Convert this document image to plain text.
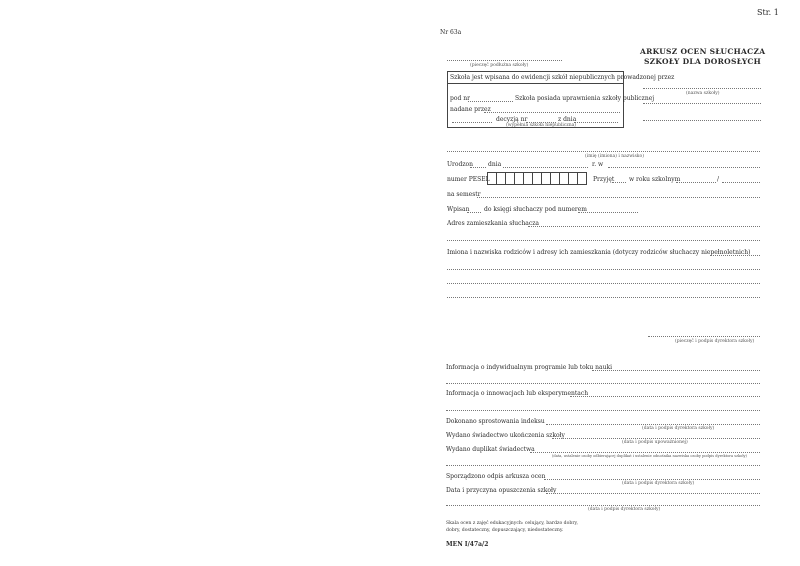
Str. 1
Nr 63a
ARKUSZ OCEN SŁUCHACZA
SZKOŁY DLA DOROSŁYCH
(pieczęć podłużna szkoły)
Szkoła jest wpisana do ewidencji szkół niepublicznych prowadzonej przez
pod nr	Szkoła posiada uprawnienia szkoły publicznej
nadane przez
decyzją nr	z dnia
(wypełnia szkoła niepubliczna)
(nazwa szkoły)
(imię (imiona) i nazwisko)
Urodzon dnia	r. w
numer PESEL	Przyjęt w roku szkolnym	/
na semestr
Wpisan do księgi słuchaczy pod numerem
Adres zamieszkania słuchacza
Imiona i nazwiska rodziców i adresy ich zamieszkania (dotyczy rodziców słuchaczy niepełnoletnich)
(pieczęć i podpis dyrektora szkoły)
Informacja o indywidualnym programie lub toku nauki
Informacja o innowacjach lub eksperymentach
Dokonano sprostowania indeksu
(data i podpis dyrektora szkoły)
Wydano świadectwo ukończenia szkoły
(data i podpis upoważnionej)
Wydano duplikat świadectwa
(data, ustalenie osoby odbierającej duplikat i ustalenie odnośnika nazwiska osoby podpis dyrektora szkoły)
Sporządzono odpis arkusza ocen
(data i podpis dyrektora szkoły)
Data i przyczyna opuszczenia szkoły
(data i podpis dyrektora szkoły)
Skala ocen z zajęć edukacyjnych: celujący, bardzo dobry,
dobry, dostateczny, dopuszczający, niedostateczny.
MEN I/47a/2
